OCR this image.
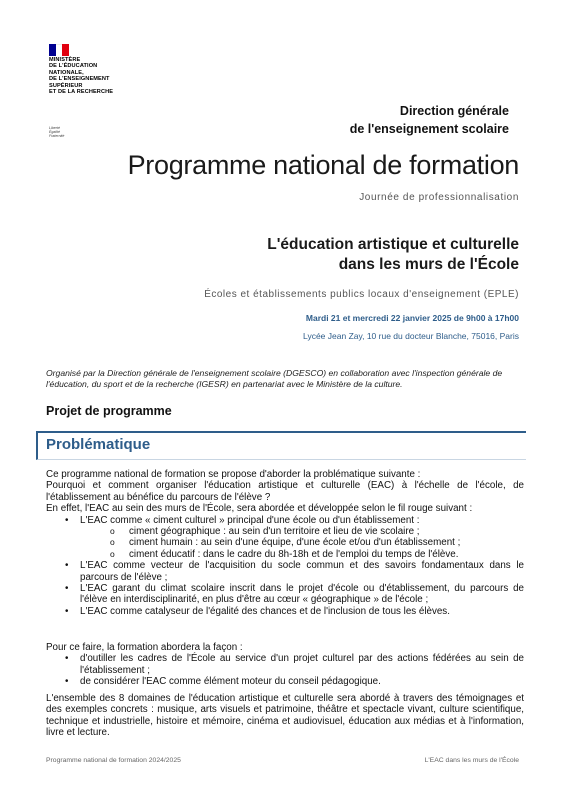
MINISTÈRE
DE L'ÉDUCATION
NATIONALE,
DE L'ENSEIGNEMENT
SUPÉRIEUR
ET DE LA RECHERCHE
Liberté
Égalité
Fraternité
Direction générale
de l'enseignement scolaire
Programme national de formation
Journée de professionnalisation
L'éducation artistique et culturelle
dans les murs de l'École
Écoles et établissements publics locaux d'enseignement (EPLE)
Mardi 21 et mercredi 22 janvier 2025 de 9h00 à 17h00
Lycée Jean Zay, 10 rue du docteur Blanche, 75016, Paris
Organisé par la Direction générale de l'enseignement scolaire (DGESCO) en collaboration avec l'inspection générale de l'éducation, du sport et de la recherche (IGESR) en partenariat avec le Ministère de la culture.
Projet de programme
Problématique
Ce programme national de formation se propose d'aborder la problématique suivante :
Pourquoi et comment organiser l'éducation artistique et culturelle (EAC) à l'échelle de l'école, de l'établissement au bénéfice du parcours de l'élève ?
En effet, l'EAC au sein des murs de l'École, sera abordée et développée selon le fil rouge suivant :
• L'EAC comme « ciment culturel » principal d'une école ou d'un établissement :
o ciment géographique : au sein d'un territoire et lieu de vie scolaire ;
o ciment humain : au sein d'une équipe, d'une école et/ou d'un établissement ;
o ciment éducatif : dans le cadre du 8h-18h et de l'emploi du temps de l'élève.
• L'EAC comme vecteur de l'acquisition du socle commun et des savoirs fondamentaux dans le parcours de l'élève ;
• L'EAC garant du climat scolaire inscrit dans le projet d'école ou d'établissement, du parcours de l'élève en interdisciplinarité, en plus d'être au cœur « géographique » de l'école ;
• L'EAC comme catalyseur de l'égalité des chances et de l'inclusion de tous les élèves.
Pour ce faire, la formation abordera la façon :
• d'outiller les cadres de l'École au service d'un projet culturel par des actions fédérées au sein de l'établissement ;
• de considérer l'EAC comme élément moteur du conseil pédagogique.
L'ensemble des 8 domaines de l'éducation artistique et culturelle sera abordé à travers des témoignages et des exemples concrets : musique, arts visuels et patrimoine, théâtre et spectacle vivant, culture scientifique, technique et industrielle, histoire et mémoire, cinéma et audiovisuel, éducation aux médias et à l'information, livre et lecture.
Programme national de formation 2024/2025	L'EAC dans les murs de l'École
